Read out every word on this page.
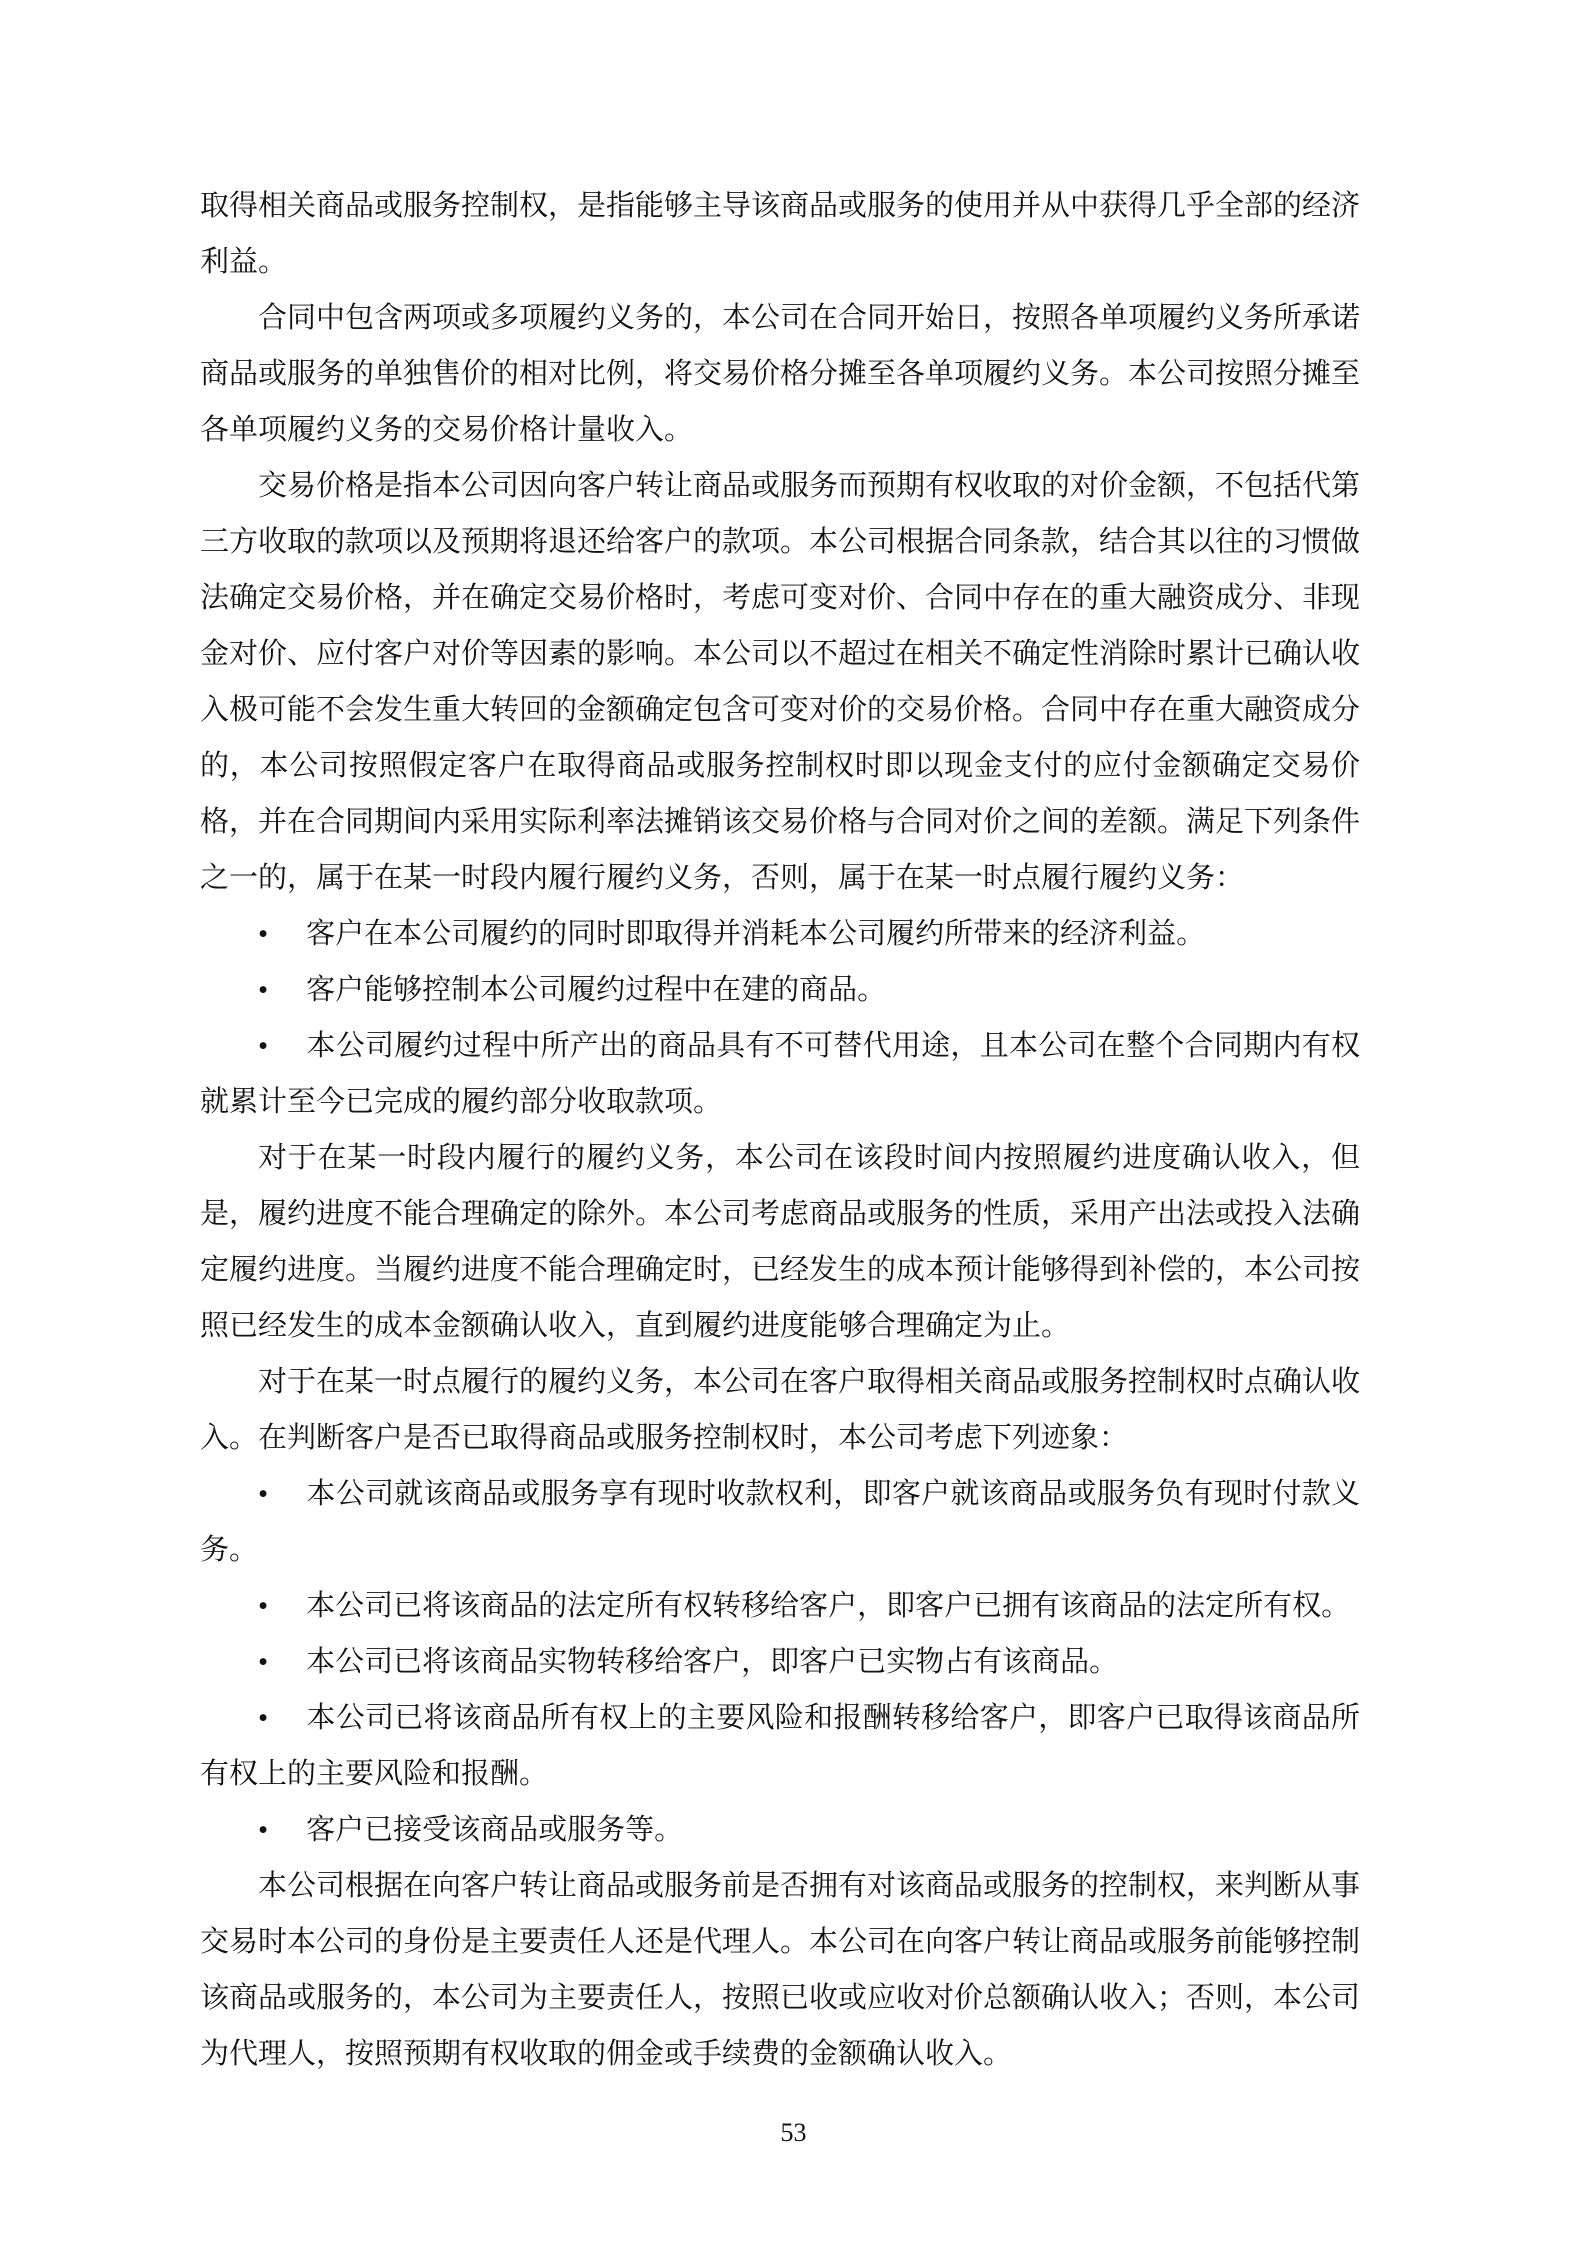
取得相关商品或服务控制权，是指能够主导该商品或服务的使用并从中获得几乎全部的经济利益。

合同中包含两项或多项履约义务的，本公司在合同开始日，按照各单项履约义务所承诺商品或服务的单独售价的相对比例，将交易价格分摊至各单项履约义务。本公司按照分摊至各单项履约义务的交易价格计量收入。

交易价格是指本公司因向客户转让商品或服务而预期有权收取的对价金额，不包括代第三方收取的款项以及预期将退还给客户的款项。本公司根据合同条款，结合其以往的习惯做法确定交易价格，并在确定交易价格时，考虑可变对价、合同中存在的重大融资成分、非现金对价、应付客户对价等因素的影响。本公司以不超过在相关不确定性消除时累计已确认收入极可能不会发生重大转回的金额确定包含可变对价的交易价格。合同中存在重大融资成分的，本公司按照假定客户在取得商品或服务控制权时即以现金支付的应付金额确定交易价格，并在合同期间内采用实际利率法摊销该交易价格与合同对价之间的差额。满足下列条件之一的，属于在某一时段内履行履约义务，否则，属于在某一时点履行履约义务：

• 客户在本公司履约的同时即取得并消耗本公司履约所带来的经济利益。

• 客户能够控制本公司履约过程中在建的商品。

• 本公司履约过程中所产出的商品具有不可替代用途，且本公司在整个合同期内有权就累计至今已完成的履约部分收取款项。

对于在某一时段内履行的履约义务，本公司在该段时间内按照履约进度确认收入，但是，履约进度不能合理确定的除外。本公司考虑商品或服务的性质，采用产出法或投入法确定履约进度。当履约进度不能合理确定时，已经发生的成本预计能够得到补偿的，本公司按照已经发生的成本金额确认收入，直到履约进度能够合理确定为止。

对于在某一时点履行的履约义务，本公司在客户取得相关商品或服务控制权时点确认收入。在判断客户是否已取得商品或服务控制权时，本公司考虑下列迹象：

• 本公司就该商品或服务享有现时收款权利，即客户就该商品或服务负有现时付款义务。

• 本公司已将该商品的法定所有权转移给客户，即客户已拥有该商品的法定所有权。

• 本公司已将该商品实物转移给客户，即客户已实物占有该商品。

• 本公司已将该商品所有权上的主要风险和报酬转移给客户，即客户已取得该商品所有权上的主要风险和报酬。

• 客户已接受该商品或服务等。

本公司根据在向客户转让商品或服务前是否拥有对该商品或服务的控制权，来判断从事交易时本公司的身份是主要责任人还是代理人。本公司在向客户转让商品或服务前能够控制该商品或服务的，本公司为主要责任人，按照已收或应收对价总额确认收入；否则，本公司为代理人，按照预期有权收取的佣金或手续费的金额确认收入。

53
